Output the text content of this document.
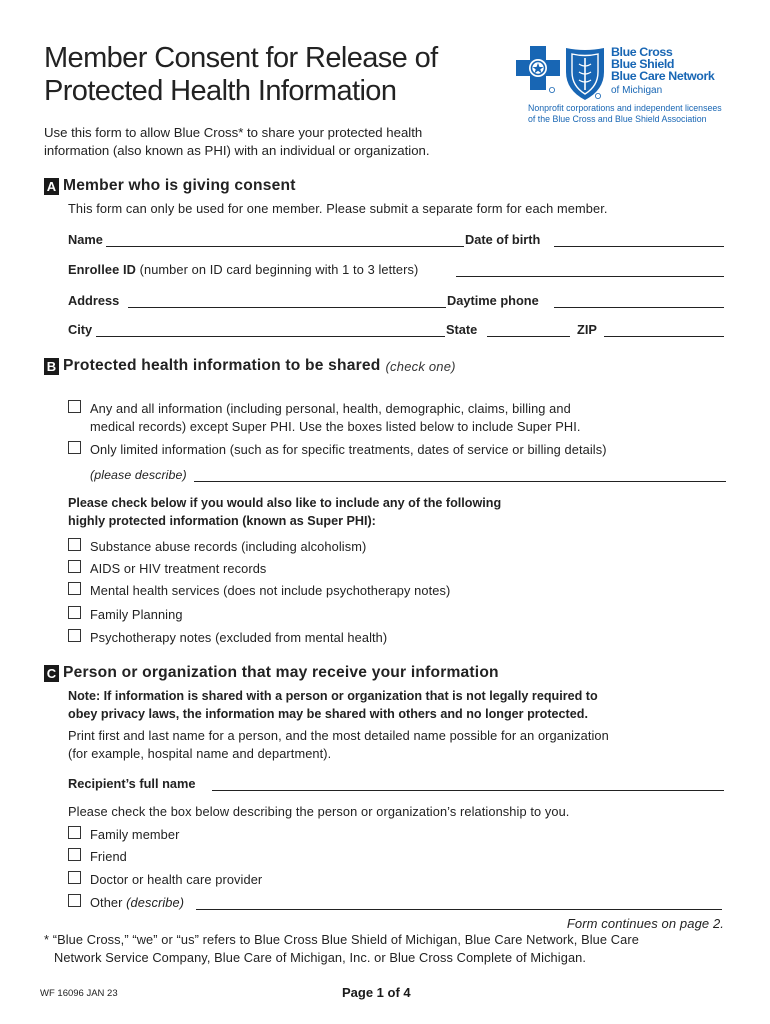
Member Consent for Release of
Protected Health Information
Use this form to allow Blue Cross* to share your protected health
information (also known as PHI) with an individual or organization.
Blue Cross
Blue Shield
Blue Care Network
of Michigan
Nonprofit corporations and independent licensees
of the Blue Cross and Blue Shield Association
A Member who is giving consent
This form can only be used for one member. Please submit a separate form for each member.
Name	Date of birth
Enrollee ID (number on ID card beginning with 1 to 3 letters)
Address	Daytime phone
City	State	ZIP
B Protected health information to be shared (check one)
Any and all information (including personal, health, demographic, claims, billing and
medical records) except Super PHI. Use the boxes listed below to include Super PHI.
Only limited information (such as for specific treatments, dates of service or billing details)
(please describe)
Please check below if you would also like to include any of the following
highly protected information (known as Super PHI):
Substance abuse records (including alcoholism)
AIDS or HIV treatment records
Mental health services (does not include psychotherapy notes)
Family Planning
Psychotherapy notes (excluded from mental health)
C Person or organization that may receive your information
Note: If information is shared with a person or organization that is not legally required to
obey privacy laws, the information may be shared with others and no longer protected.
Print first and last name for a person, and the most detailed name possible for an organization
(for example, hospital name and department).
Recipient’s full name
Please check the box below describing the person or organization’s relationship to you.
Family member
Friend
Doctor or health care provider
Other (describe)
Form continues on page 2.
* “Blue Cross,” “we” or “us” refers to Blue Cross Blue Shield of Michigan, Blue Care Network, Blue Care
Network Service Company, Blue Care of Michigan, Inc. or Blue Cross Complete of Michigan.
WF 16096 JAN 23	Page 1 of 4
